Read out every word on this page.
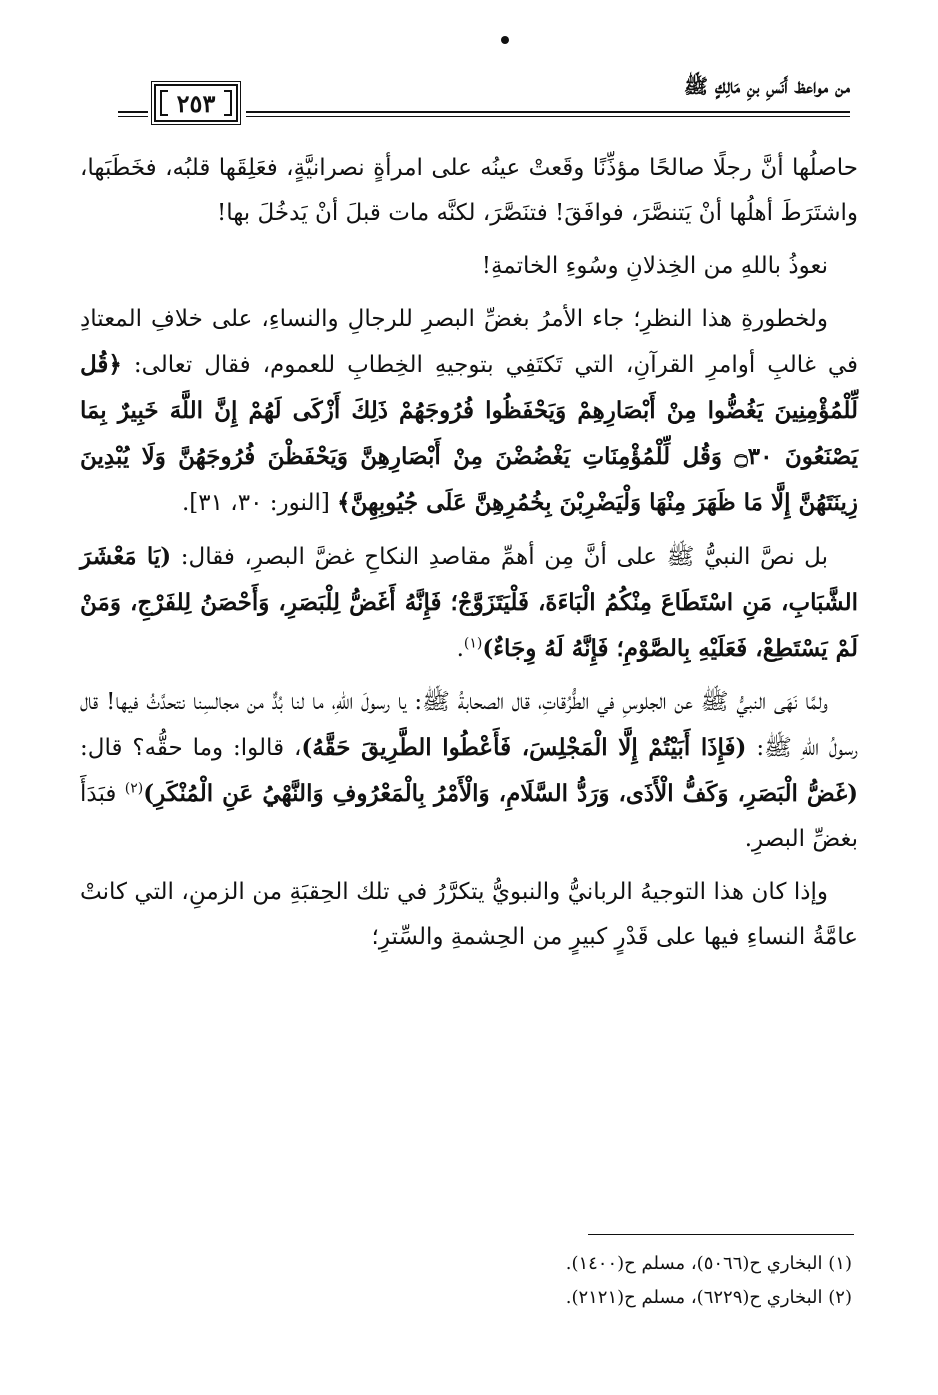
من مواعظ أَنَسِ بنِ مَالِكٍ ﷺ
٢٥٣

حاصلُها أنَّ رجلًا صالحًا مؤذِّنًا وقَعتْ عينُه على امرأةٍ نصرانيَّةٍ، فعَلِقَها قلبُه، فخَطَبَها، واشتَرَطَ أهلُها أنْ يَتنصَّرَ، فوافَقَ! فتنَصَّرَ، لكنَّه مات قبلَ أنْ يَدخُلَ بها!

نعوذُ باللهِ من الخِذلانِ وسُوءِ الخاتمةِ!

ولخطورةِ هذا النظرِ؛ جاء الأمرُ بغضِّ البصرِ للرجالِ والنساءِ، على خلافِ المعتادِ في غالبِ أوامرِ القرآنِ، التي تَكتَفِي بتوجيهِ الخِطابِ للعموم، فقال تعالى: ﴿قُل لِّلْمُؤْمِنِينَ يَغُضُّوا مِنْ أَبْصَارِهِمْ وَيَحْفَظُوا فُرُوجَهُمْ ذَلِكَ أَزْكَى لَهُمْ إِنَّ اللَّهَ خَبِيرٌ بِمَا يَصْنَعُونَ ۝٣٠ وَقُل لِّلْمُؤْمِنَاتِ يَغْضُضْنَ مِنْ أَبْصَارِهِنَّ وَيَحْفَظْنَ فُرُوجَهُنَّ وَلَا يُبْدِينَ زِينَتَهُنَّ إِلَّا مَا ظَهَرَ مِنْهَا وَلْيَضْرِبْنَ بِخُمُرِهِنَّ عَلَى جُيُوبِهِنَّ﴾ [النور: ٣٠، ٣١].

بل نصَّ النبيُّ ﷺ على أنَّ مِن أهمِّ مقاصدِ النكاحِ غضَّ البصرِ، فقال: (يَا مَعْشَرَ الشَّبَابِ، مَنِ اسْتَطَاعَ مِنْكُمُ الْبَاءَةَ، فَلْيَتَزَوَّجْ؛ فَإِنَّهُ أَغَضُّ لِلْبَصَرِ، وَأَحْصَنُ لِلفَرْجِ، وَمَنْ لَمْ يَسْتَطِعْ، فَعَلَيْهِ بِالصَّوْمِ؛ فَإِنَّهُ لَهُ وِجَاءٌ)$^{(١)}$.

ولمَّا نَهَى النبيُّ ﷺ عن الجلوسِ في الطُّرُقاتِ، قال الصحابةُ ﷺ: يا رسولَ اللهِ، ما لنا بُدٌّ من مجالسِنا نتحدَّثُ فيها! قال رسولُ اللهِ ﷺ: (فَإِذَا أَبَيْتُمْ إِلَّا الْمَجْلِسَ، فَأَعْطُوا الطَّرِيقَ حَقَّهُ)، قالوا: وما حقُّه؟ قال: (غَضُّ الْبَصَرِ، وَكَفُّ الْأَذَى، وَرَدُّ السَّلَامِ، وَالْأَمْرُ بِالْمَعْرُوفِ وَالنَّهْيُ عَنِ الْمُنْكَرِ)$^{(٢)}$ فبَدَأَ بغضِّ البصرِ.

وإذا كان هذا التوجيهُ الربانيُّ والنبويُّ يتكرَّرُ في تلك الحِقبَةِ من الزمنِ، التي كانتْ عامَّةُ النساءِ فيها على قَدْرٍ كبيرٍ من الحِشمةِ والسِّترِ؛

(١) البخاري ح(٥٠٦٦)، مسلم ح(١٤٠٠).
(٢) البخاري ح(٦٢٢٩)، مسلم ح(٢١٢١).
